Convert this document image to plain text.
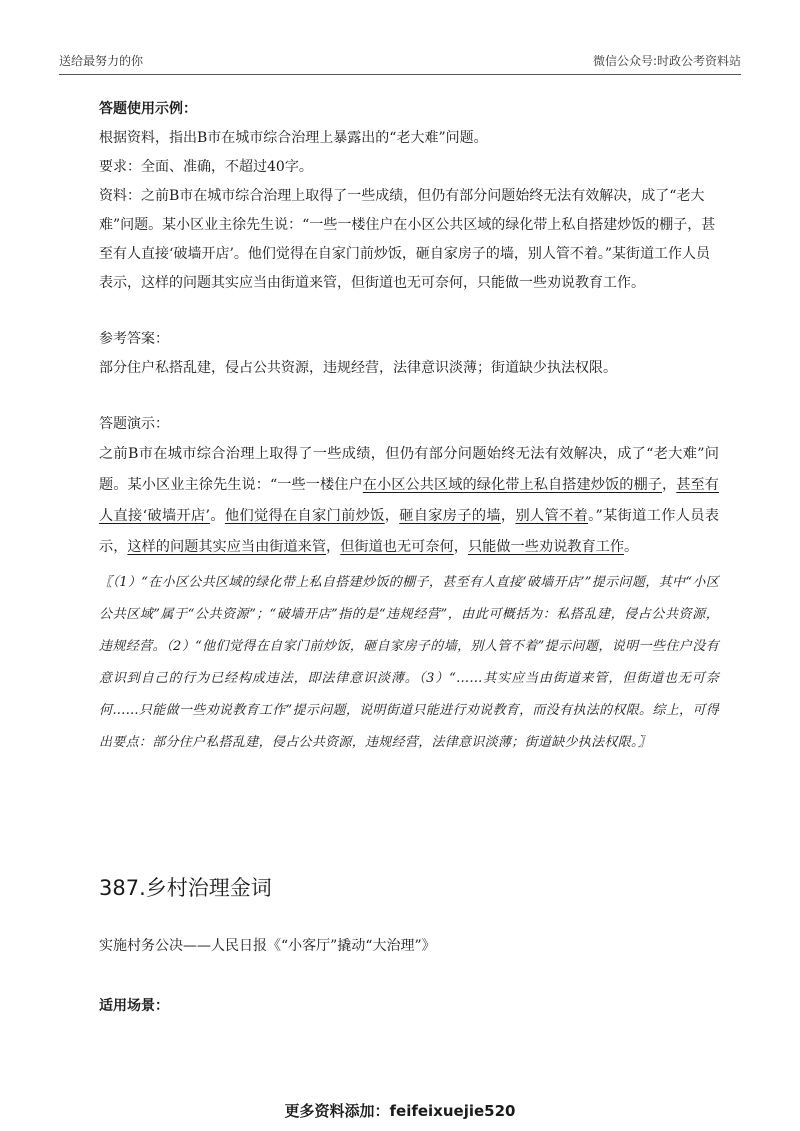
送给最努力的你	微信公众号:时政公考资料站

答题使用示例：

根据资料，指出B市在城市综合治理上暴露出的“老大难”问题。

要求：全面、准确，不超过40字。

资料：之前B市在城市综合治理上取得了一些成绩，但仍有部分问题始终无法有效解决，成了“老大难”问题。某小区业主徐先生说：“一些一楼住户在小区公共区域的绿化带上私自搭建炒饭的棚子，甚至有人直接‘破墙开店’。他们觉得在自家门前炒饭，砸自家房子的墙，别人管不着。”某街道工作人员表示，这样的问题其实应当由街道来管，但街道也无可奈何，只能做一些劝说教育工作。

参考答案：

部分住户私搭乱建，侵占公共资源，违规经营，法律意识淡薄；街道缺少执法权限。

答题演示：

之前B市在城市综合治理上取得了一些成绩，但仍有部分问题始终无法有效解决，成了“老大难”问题。某小区业主徐先生说：“一些一楼住户在小区公共区域的绿化带上私自搭建炒饭的棚子，甚至有人直接‘破墙开店’。他们觉得在自家门前炒饭，砸自家房子的墙，别人管不着。”某街道工作人员表示，这样的问题其实应当由街道来管，但街道也无可奈何，只能做一些劝说教育工作。

〖（1）“在小区公共区域的绿化带上私自搭建炒饭的棚子，甚至有人直接‘破墙开店’”提示问题，其中“小区公共区域”属于“公共资源”；“破墙开店”指的是“违规经营”，由此可概括为：私搭乱建，侵占公共资源，违规经营。（2）“他们觉得在自家门前炒饭，砸自家房子的墙，别人管不着”提示问题，说明一些住户没有意识到自己的行为已经构成违法，即法律意识淡薄。（3）“……其实应当由街道来管，但街道也无可奈何……只能做一些劝说教育工作”提示问题，说明街道只能进行劝说教育，而没有执法的权限。综上，可得出要点：部分住户私搭乱建，侵占公共资源，违规经营，法律意识淡薄；街道缺少执法权限。〗

387.乡村治理金词
实施村务公决——人民日报《“小客厅”撬动“大治理”》
适用场景：
更多资料添加：feifeixuejie520
